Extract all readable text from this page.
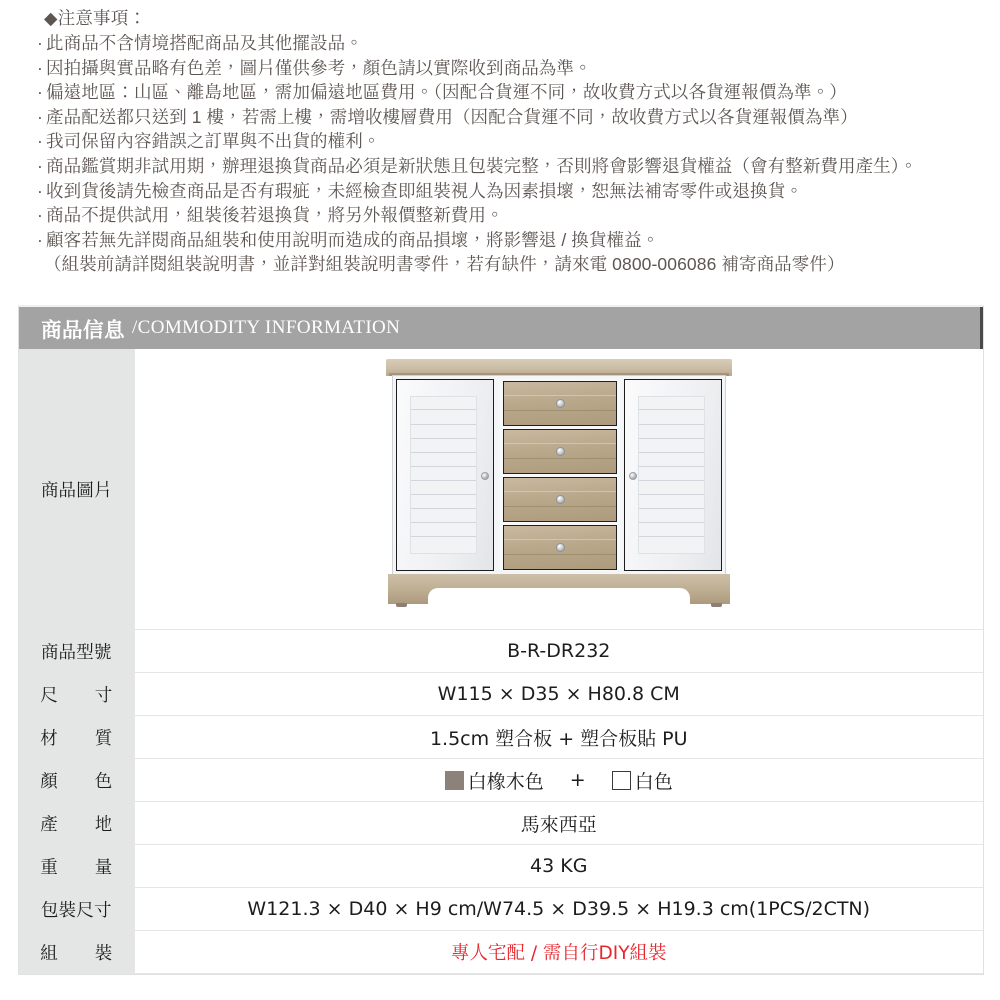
◆注意事項：
· 此商品不含情境搭配商品及其他擺設品。
· 因拍攝與實品略有色差，圖片僅供參考，顏色請以實際收到商品為準。
· 偏遠地區：山區、離島地區，需加偏遠地區費用。（因配合貨運不同，故收費方式以各貨運報價為準。）
· 產品配送都只送到 1 樓，若需上樓，需增收樓層費用（因配合貨運不同，故收費方式以各貨運報價為準）
· 我司保留內容錯誤之訂單與不出貨的權利。
· 商品鑑賞期非試用期，辦理退換貨商品必須是新狀態且包裝完整，否則將會影響退貨權益（會有整新費用產生）。
· 收到貨後請先檢查商品是否有瑕疵，未經檢查即組裝視人為因素損壞，恕無法補寄零件或退換貨。
· 商品不提供試用，組裝後若退換貨，將另外報價整新費用。
· 顧客若無先詳閱商品組裝和使用說明而造成的商品損壞，將影響退 / 換貨權益。
（組裝前請詳閱組裝說明書，並詳對組裝說明書零件，若有缺件，請來電 0800-006086 補寄商品零件）
商品信息 /COMMODITY INFORMATION
商品圖片	

商品型號	B-R-DR232
尺寸	W115 × D35 × H80.8 CM
材質	1.5cm 塑合板 + 塑合板貼 PU
顏色	白橡木色 + 白色

產地	馬來西亞
重量	43 KG
包裝尺寸	W121.3 × D40 × H9 cm/W74.5 × D39.5 × H19.3 cm(1PCS/2CTN)
組裝	專人宅配 / 需自行DIY組裝
